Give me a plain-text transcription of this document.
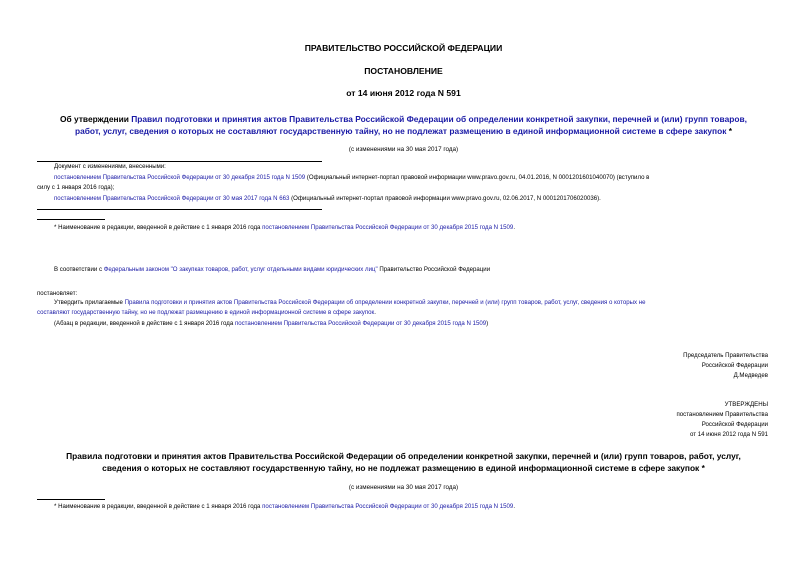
ПРАВИТЕЛЬСТВО РОССИЙСКОЙ ФЕДЕРАЦИИ
ПОСТАНОВЛЕНИЕ
от 14 июня 2012 года N 591
Об утверждении Правил подготовки и принятия актов Правительства Российской Федерации об определении конкретной закупки, перечней и (или) групп товаров,
работ, услуг, сведения о которых не составляют государственную тайну, но не подлежат размещению в единой информационной системе в сфере закупок *
(с изменениями на 30 мая 2017 года)
Документ с изменениями, внесенными:
постановлением Правительства Российской Федерации от 30 декабря 2015 года N 1509 (Официальный интернет-портал правовой информации www.pravo.gov.ru, 04.01.2016, N 0001201601040070) (вступило в
силу с 1 января 2016 года);
постановлением Правительства Российской Федерации от 30 мая 2017 года N 663 (Официальный интернет-портал правовой информации www.pravo.gov.ru, 02.06.2017, N 0001201706020036).
* Наименование в редакции, введенной в действие с 1 января 2016 года постановлением Правительства Российской Федерации от 30 декабря 2015 года N 1509.
В соответствии с Федеральным законом "О закупках товаров, работ, услуг отдельными видами юридических лиц" Правительство Российской Федерации
постановляет:
Утвердить прилагаемые Правила подготовки и принятия актов Правительства Российской Федерации об определении конкретной закупки, перечней и (или) групп товаров, работ, услуг, сведения о которых не
составляют государственную тайну, но не подлежат размещению в единой информационной системе в сфере закупок.
(Абзац в редакции, введенной в действие с 1 января 2016 года постановлением Правительства Российской Федерации от 30 декабря 2015 года N 1509)
Председатель Правительства
Российской Федерации
Д.Медведев
УТВЕРЖДЕНЫ
постановлением Правительства
Российской Федерации
от 14 июня 2012 года N 591
Правила подготовки и принятия актов Правительства Российской Федерации об определении конкретной закупки, перечней и (или) групп товаров, работ, услуг,
сведения о которых не составляют государственную тайну, но не подлежат размещению в единой информационной системе в сфере закупок *
(с изменениями на 30 мая 2017 года)
* Наименование в редакции, введенной в действие с 1 января 2016 года постановлением Правительства Российской Федерации от 30 декабря 2015 года N 1509.
